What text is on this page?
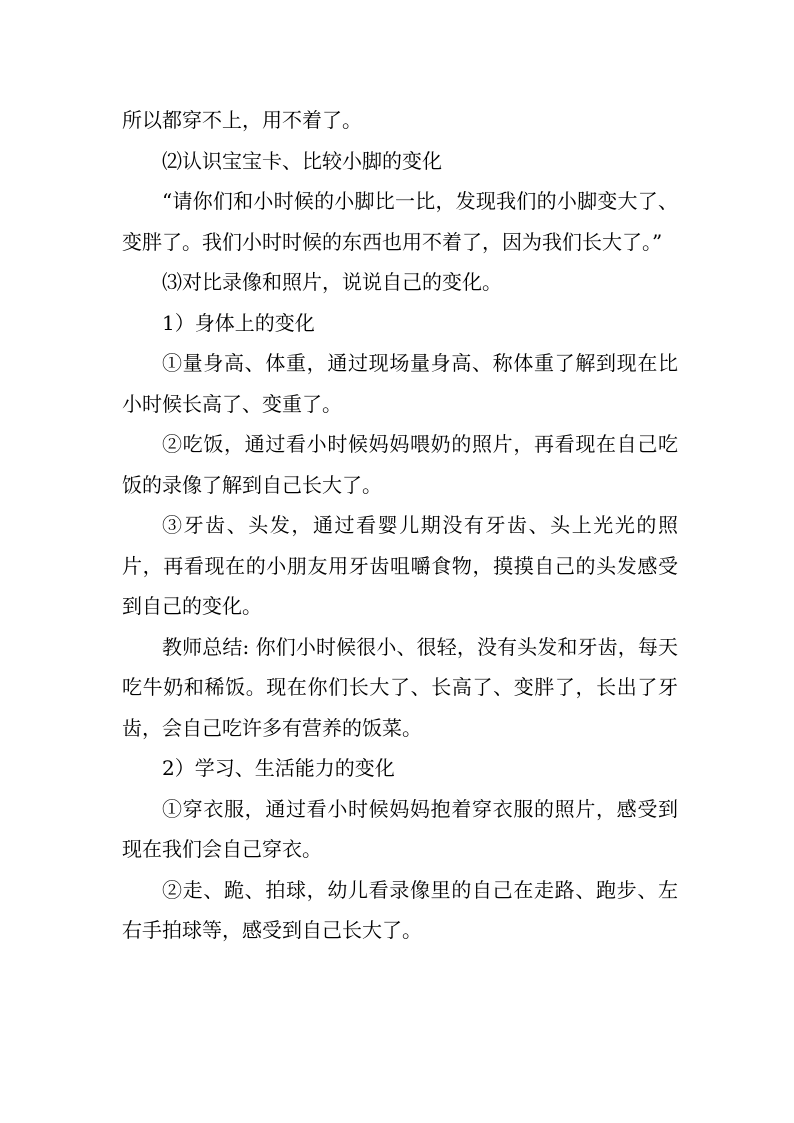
所以都穿不上，用不着了。

⑵认识宝宝卡、比较小脚的变化

“请你们和小时候的小脚比一比，发现我们的小脚变大了、变胖了。我们小时时候的东西也用不着了，因为我们长大了。”

⑶对比录像和照片，说说自己的变化。

1）身体上的变化

①量身高、体重，通过现场量身高、称体重了解到现在比小时候长高了、变重了。

②吃饭，通过看小时候妈妈喂奶的照片，再看现在自己吃饭的录像了解到自己长大了。

③牙齿、头发，通过看婴儿期没有牙齿、头上光光的照片，再看现在的小朋友用牙齿咀嚼食物，摸摸自己的头发感受到自己的变化。

教师总结: 你们小时候很小、很轻，没有头发和牙齿，每天吃牛奶和稀饭。现在你们长大了、长高了、变胖了，长出了牙齿，会自己吃许多有营养的饭菜。

2）学习、生活能力的变化

①穿衣服，通过看小时候妈妈抱着穿衣服的照片，感受到现在我们会自己穿衣。

②走、跪、拍球，幼儿看录像里的自己在走路、跑步、左右手拍球等，感受到自己长大了。
